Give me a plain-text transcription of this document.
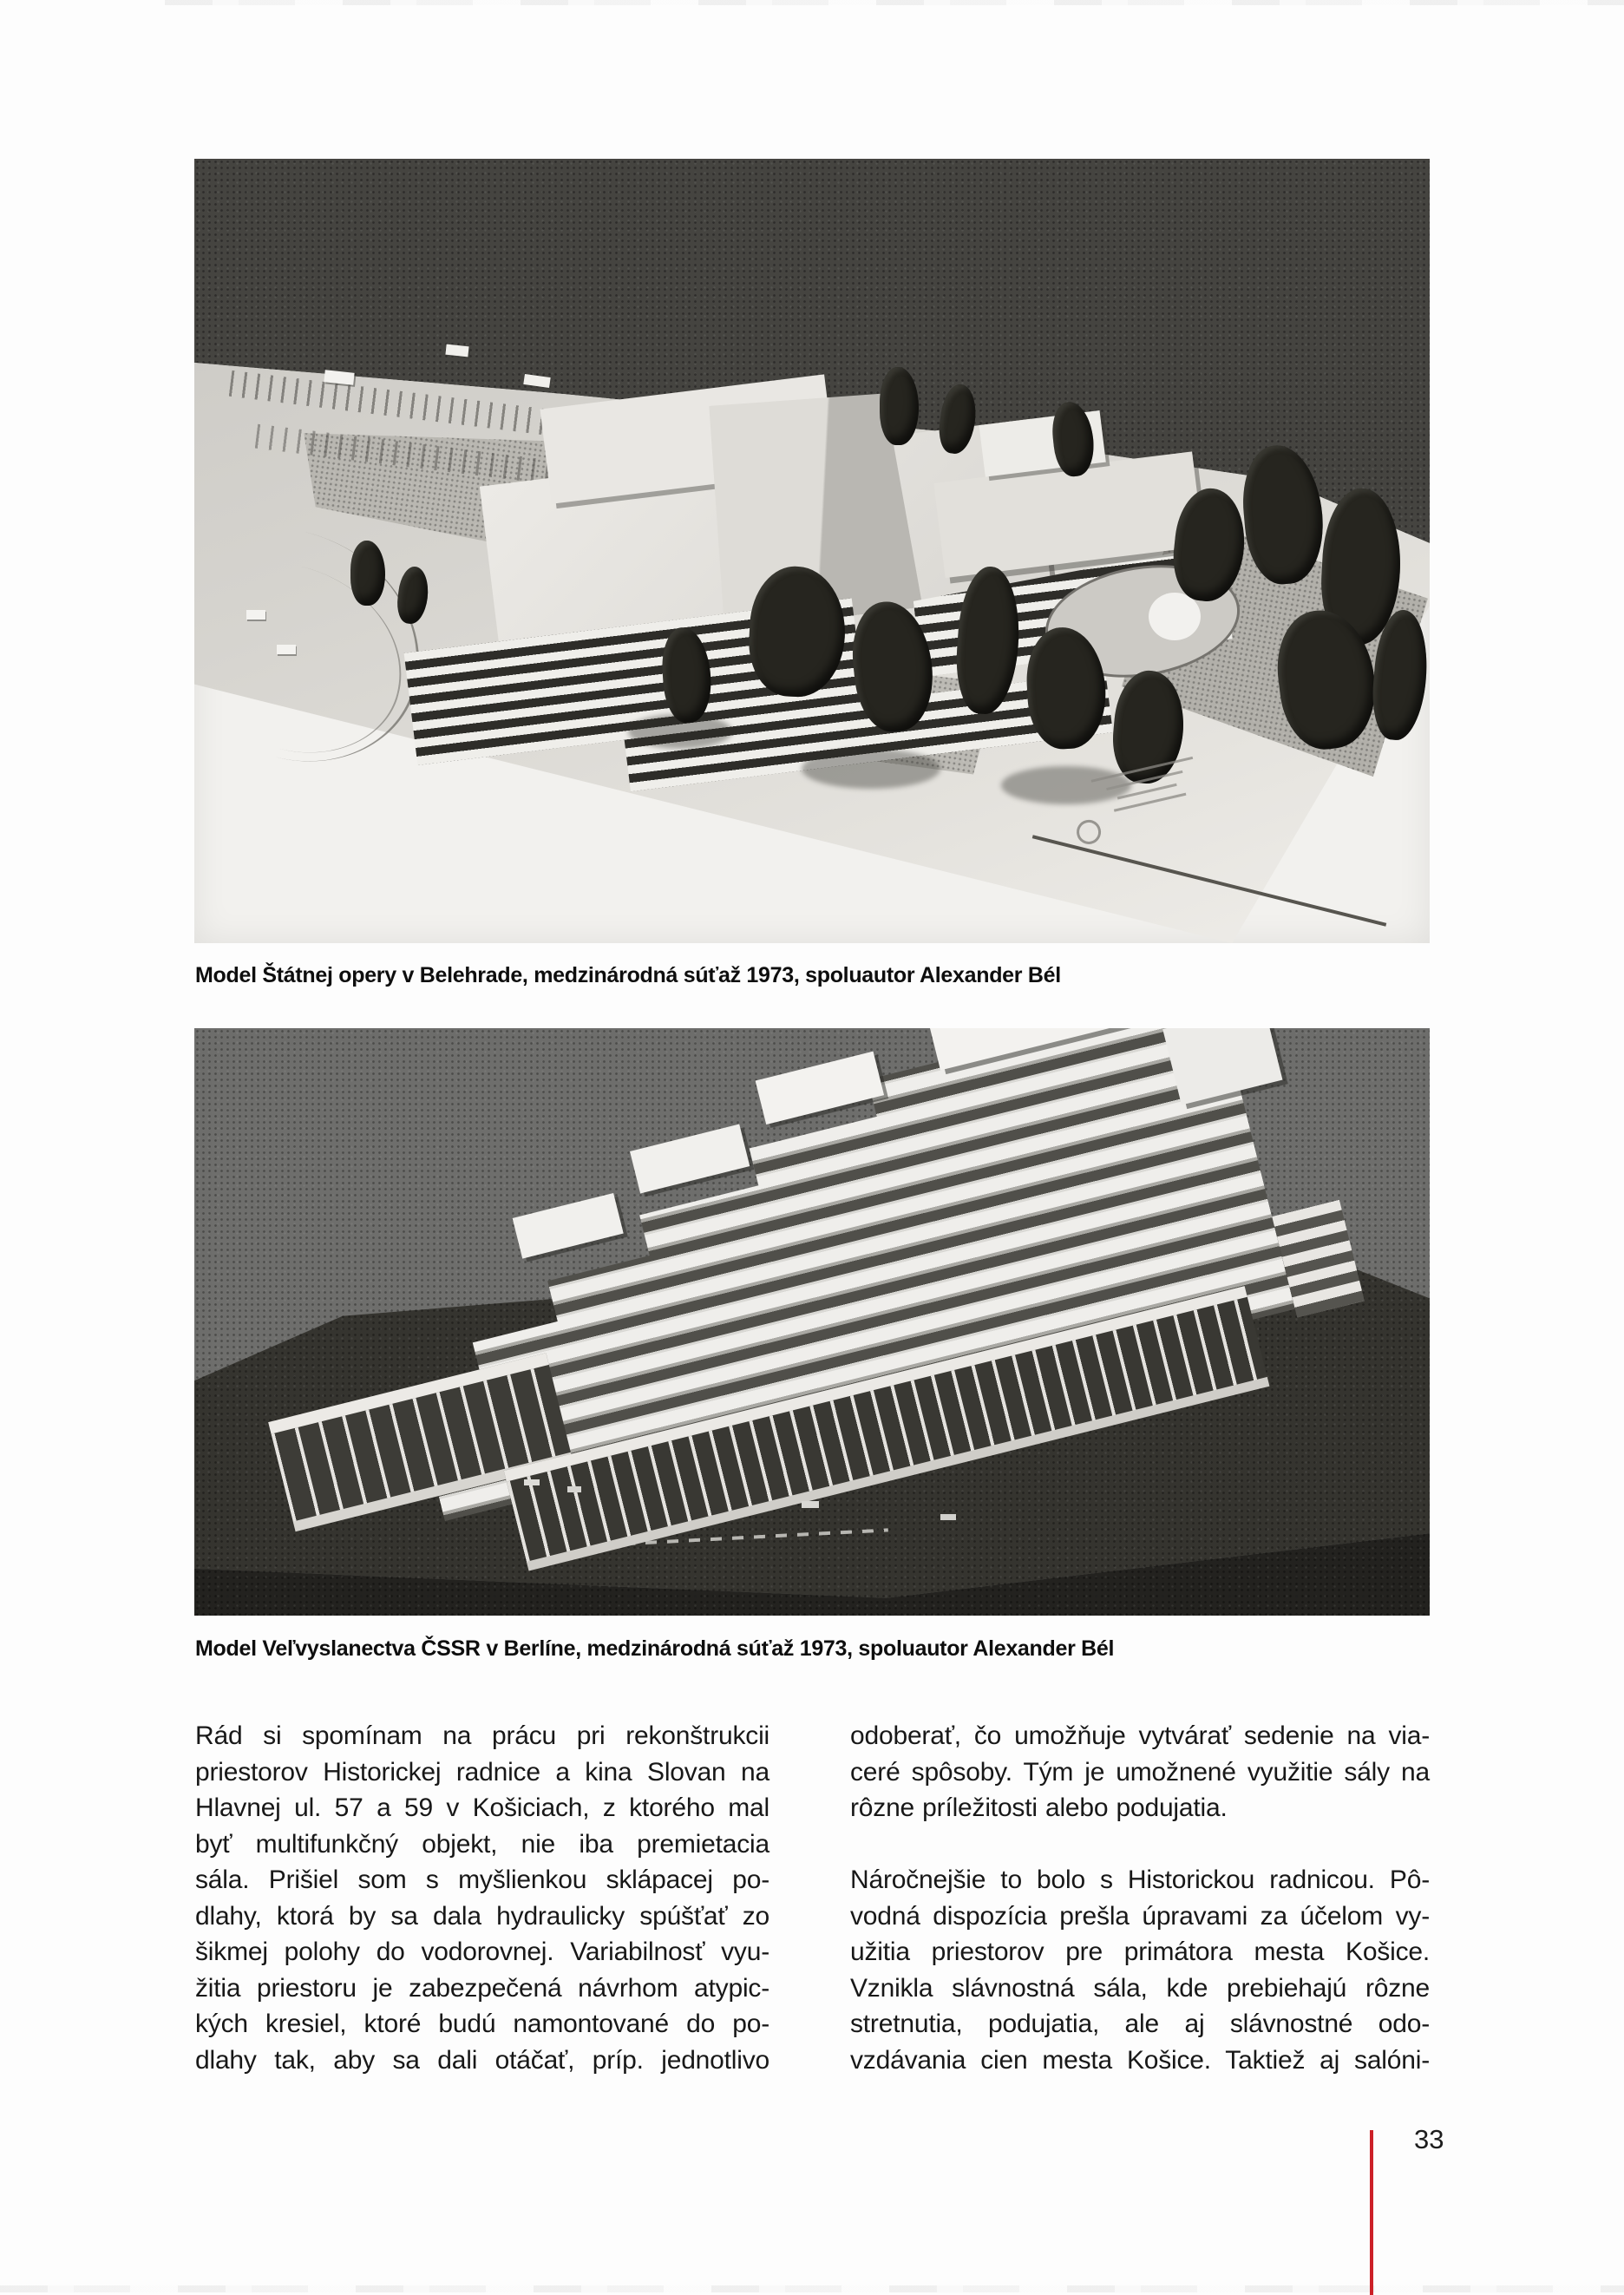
Model Štátnej opery v Belehrade, medzinárodná súťaž 1973, spoluautor Alexander Bél
Model Veľvyslanectva ČSSR v Berlíne, medzinárodná súťaž 1973, spoluautor Alexander Bél
Rád si spomínam na prácu pri rekonštrukcii
priestorov Historickej radnice a kina Slovan na
Hlavnej ul. 57 a 59 v Košiciach, z ktorého mal
byť multifunkčný objekt, nie iba premietacia
sála. Prišiel som s myšlienkou sklápacej po-
dlahy, ktorá by sa dala hydraulicky spúšťať zo
šikmej polohy do vodorovnej. Variabilnosť vyu-
žitia priestoru je zabezpečená návrhom atypic-
kých kresiel, ktoré budú namontované do po-
dlahy tak, aby sa dali otáčať, príp. jednotlivo
odoberať, čo umožňuje vytvárať sedenie na via-
ceré spôsoby. Tým je umožnené využitie sály na
rôzne príležitosti alebo podujatia.
Náročnejšie to bolo s Historickou radnicou. Pô-
vodná dispozícia prešla úpravami za účelom vy-
užitia priestorov pre primátora mesta Košice.
Vznikla slávnostná sála, kde prebiehajú rôzne
stretnutia, podujatia, ale aj slávnostné odo-
vzdávania cien mesta Košice. Taktiež aj salóni-
33
